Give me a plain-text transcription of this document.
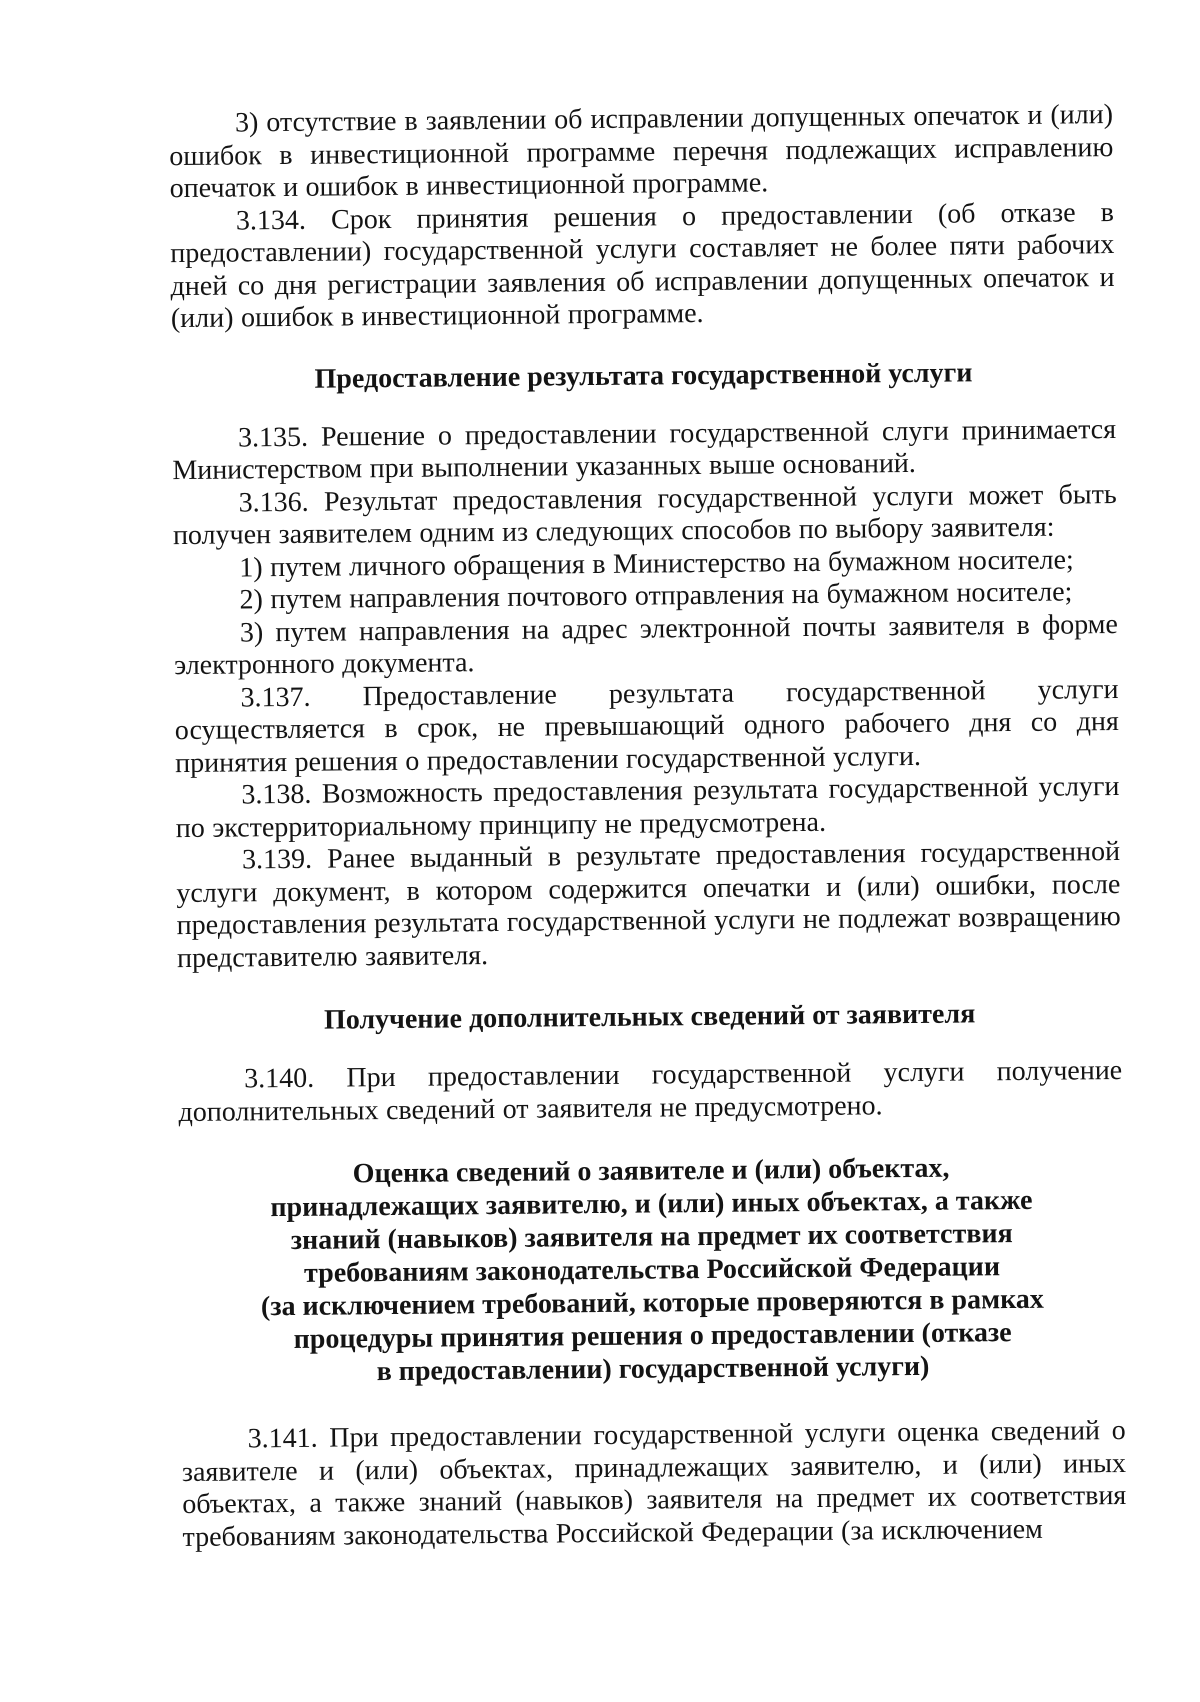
3) отсутствие в заявлении об исправлении допущенных опечаток и (или) ошибок в инвестиционной программе перечня подлежащих исправлению опечаток и ошибок в инвестиционной программе.

3.134. Срок принятия решения о предоставлении (об отказе в предоставлении) государственной услуги составляет не более пяти рабочих дней со дня регистрации заявления об исправлении допущенных опечаток и (или) ошибок в инвестиционной программе.

Предоставление результата государственной услуги

3.135. Решение о предоставлении государственной слуги принимается Министерством при выполнении указанных выше оснований.

3.136. Результат предоставления государственной услуги может быть получен заявителем одним из следующих способов по выбору заявителя:

1) путем личного обращения в Министерство на бумажном носителе;

2) путем направления почтового отправления на бумажном носителе;

3) путем направления на адрес электронной почты заявителя в форме электронного документа.

3.137. Предоставление результата государственной услуги осуществляется в срок, не превышающий одного рабочего дня со дня принятия решения о предоставлении государственной услуги.

3.138. Возможность предоставления результата государственной услуги по экстерриториальному принципу не предусмотрена.

3.139. Ранее выданный в результате предоставления государственной услуги документ, в котором содержится опечатки и (или) ошибки, после предоставления результата государственной услуги не подлежат возвращению представителю заявителя.

Получение дополнительных сведений от заявителя

3.140. При предоставлении государственной услуги получение дополнительных сведений от заявителя не предусмотрено.

Оценка сведений о заявителе и (или) объектах,
принадлежащих заявителю, и (или) иных объектах, а также
знаний (навыков) заявителя на предмет их соответствия
требованиям законодательства Российской Федерации
(за исключением требований, которые проверяются в рамках
процедуры принятия решения о предоставлении (отказе
в предоставлении) государственной услуги)

3.141. При предоставлении государственной услуги оценка сведений о заявителе и (или) объектах, принадлежащих заявителю, и (или) иных объектах, а также знаний (навыков) заявителя на предмет их соответствия требованиям законодательства Российской Федерации (за исключением
